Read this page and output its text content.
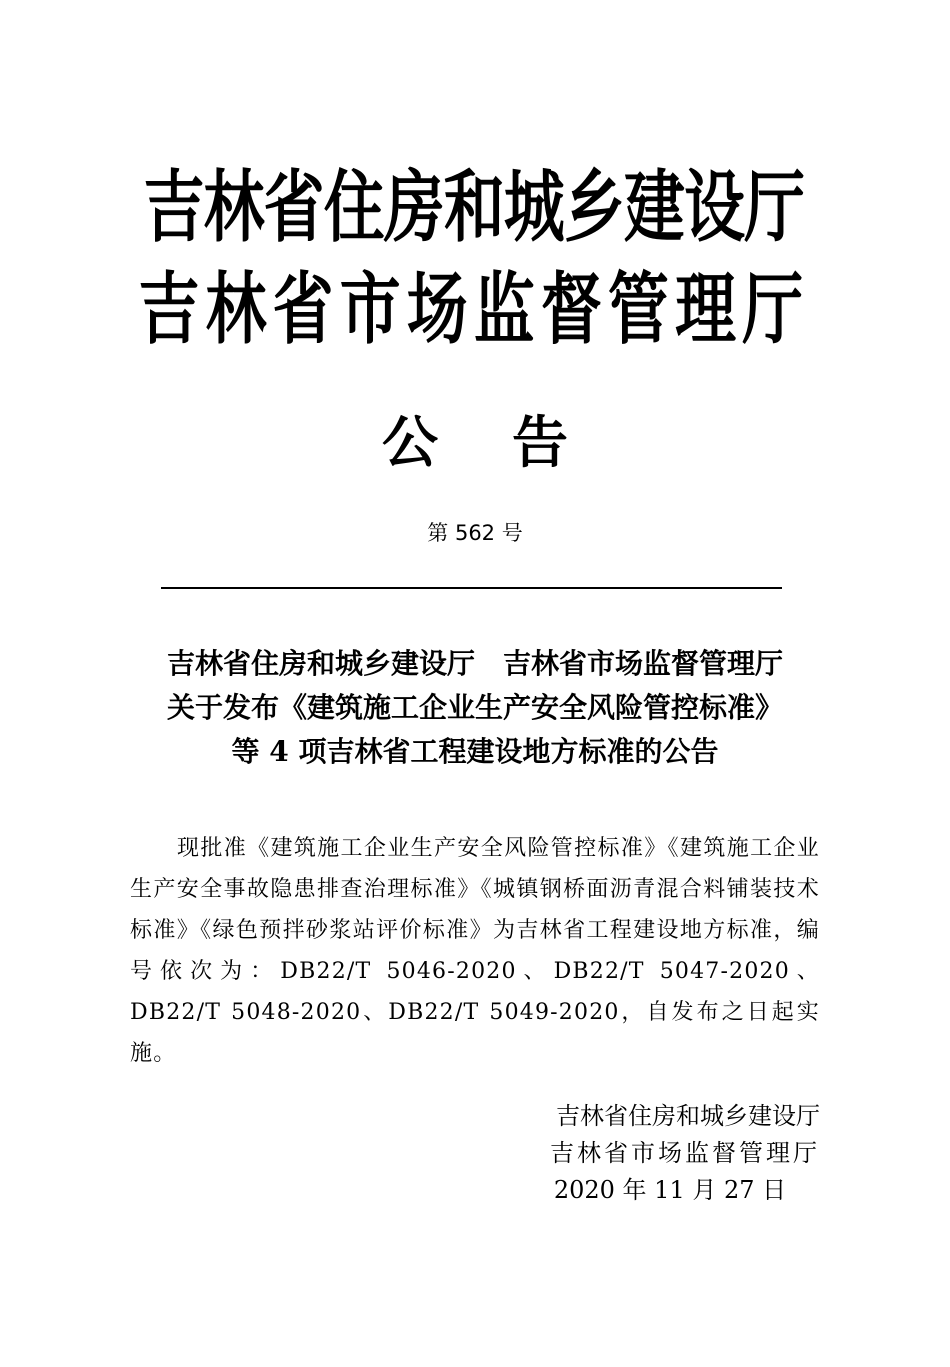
吉林省住房和城乡建设厅
吉林省市场监督管理厅
公 告
第 562 号
吉林省住房和城乡建设厅　吉林省市场监督管理厅
关于发布《建筑施工企业生产安全风险管控标准》
等 4 项吉林省工程建设地方标准的公告
现批准《建筑施工企业生产安全风险管控标准》《建筑施工企业生产安全事故隐患排查治理标准》《城镇钢桥面沥青混合料铺装技术标准》《绿色预拌砂浆站评价标准》为吉林省工程建设地方标准，编号依次为：DB22/T 5046-2020、DB22/T 5047-2020、DB22/T 5048-2020、DB22/T 5049-2020，自发布之日起实施。
吉林省住房和城乡建设厅
吉林省市场监督管理厅
2020 年 11 月 27 日
